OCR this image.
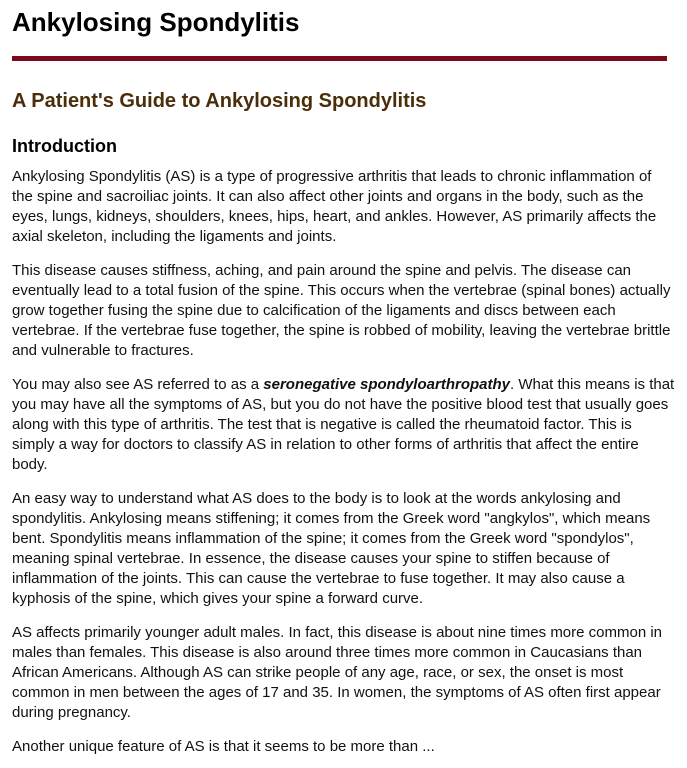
Ankylosing Spondylitis
A Patient's Guide to Ankylosing Spondylitis
Introduction

Ankylosing Spondylitis (AS) is a type of progressive arthritis that leads to chronic inflammation of the spine and sacroiliac joints. It can also affect other joints and organs in the body, such as the eyes, lungs, kidneys, shoulders, knees, hips, heart, and ankles. However, AS primarily affects the axial skeleton, including the ligaments and joints.

This disease causes stiffness, aching, and pain around the spine and pelvis. The disease can eventually lead to a total fusion of the spine. This occurs when the vertebrae (spinal bones) actually grow together fusing the spine due to calcification of the ligaments and discs between each vertebrae. If the vertebrae fuse together, the spine is robbed of mobility, leaving the vertebrae brittle and vulnerable to fractures.

You may also see AS referred to as a seronegative spondyloarthropathy. What this means is that you may have all the symptoms of AS, but you do not have the positive blood test that usually goes along with this type of arthritis. The test that is negative is called the rheumatoid factor. This is simply a way for doctors to classify AS in relation to other forms of arthritis that affect the entire body.

An easy way to understand what AS does to the body is to look at the words ankylosing and spondylitis. Ankylosing means stiffening; it comes from the Greek word "angkylos", which means bent. Spondylitis means inflammation of the spine; it comes from the Greek word "spondylos", meaning spinal vertebrae. In essence, the disease causes your spine to stiffen because of inflammation of the joints. This can cause the vertebrae to fuse together. It may also cause a kyphosis of the spine, which gives your spine a forward curve.

AS affects primarily younger adult males. In fact, this disease is about nine times more common in males than females. This disease is also around three times more common in Caucasians than African Americans. Although AS can strike people of any age, race, or sex, the onset is most common in men between the ages of 17 and 35. In women, the symptoms of AS often first appear during pregnancy.

Another unique feature of AS is that it seems to be more than ...
